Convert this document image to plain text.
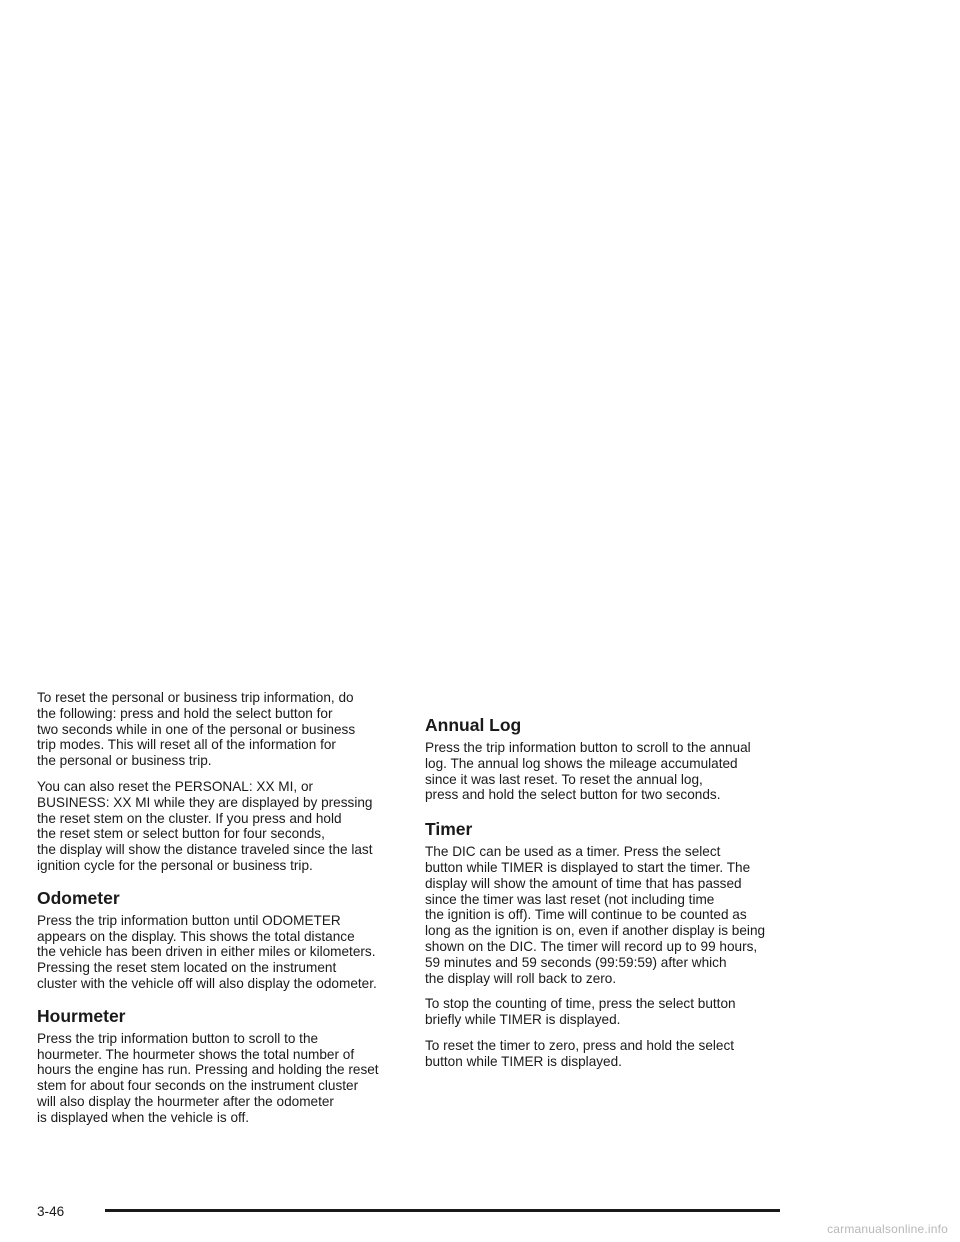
To reset the personal or business trip information, do
the following: press and hold the select button for
two seconds while in one of the personal or business
trip modes. This will reset all of the information for
the personal or business trip.

You can also reset the PERSONAL: XX MI, or
BUSINESS: XX MI while they are displayed by pressing
the reset stem on the cluster. If you press and hold
the reset stem or select button for four seconds,
the display will show the distance traveled since the last
ignition cycle for the personal or business trip.

Odometer

Press the trip information button until ODOMETER
appears on the display. This shows the total distance
the vehicle has been driven in either miles or kilometers.
Pressing the reset stem located on the instrument
cluster with the vehicle off will also display the odometer.

Hourmeter

Press the trip information button to scroll to the
hourmeter. The hourmeter shows the total number of
hours the engine has run. Pressing and holding the reset
stem for about four seconds on the instrument cluster
will also display the hourmeter after the odometer
is displayed when the vehicle is off.

Annual Log

Press the trip information button to scroll to the annual
log. The annual log shows the mileage accumulated
since it was last reset. To reset the annual log,
press and hold the select button for two seconds.

Timer

The DIC can be used as a timer. Press the select
button while TIMER is displayed to start the timer. The
display will show the amount of time that has passed
since the timer was last reset (not including time
the ignition is off). Time will continue to be counted as
long as the ignition is on, even if another display is being
shown on the DIC. The timer will record up to 99 hours,
59 minutes and 59 seconds (99:59:59) after which
the display will roll back to zero.

To stop the counting of time, press the select button
briefly while TIMER is displayed.

To reset the timer to zero, press and hold the select
button while TIMER is displayed.

3-46
carmanualsonline.info
